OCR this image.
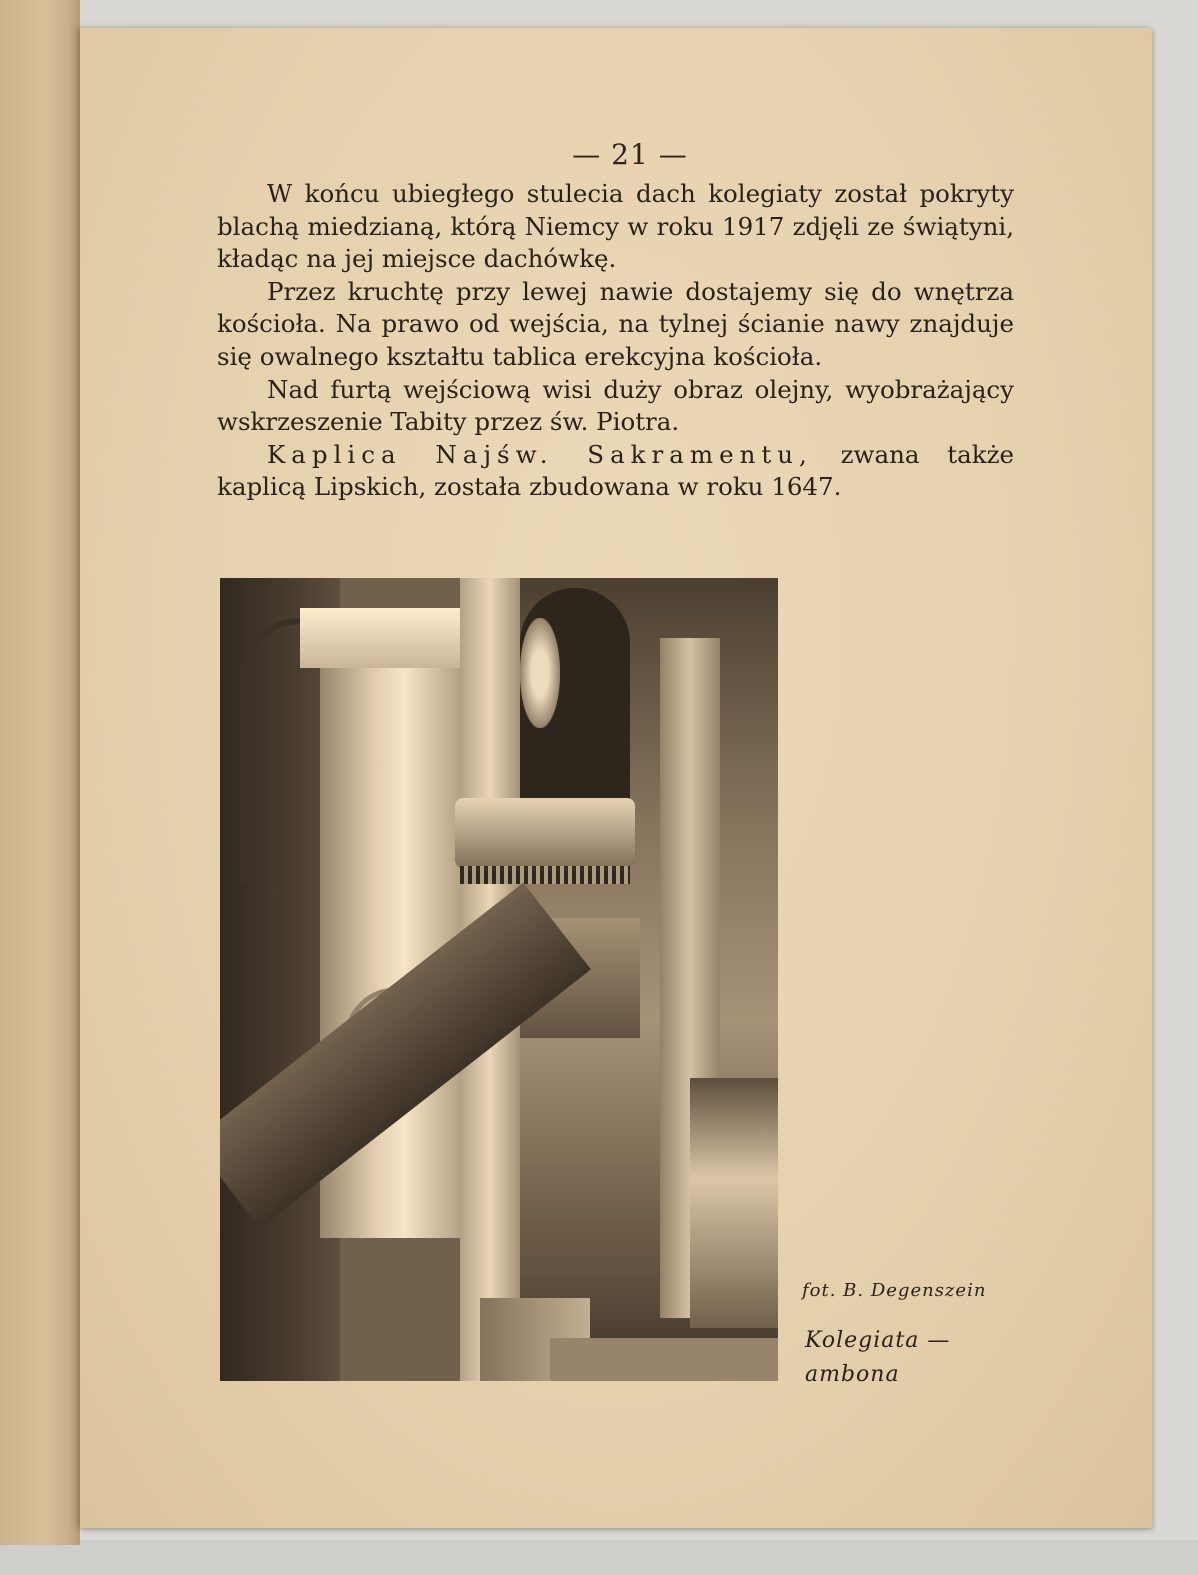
— 21 —

W końcu ubiegłego stulecia dach kolegiaty został pokryty blachą miedzianą, którą Niemcy w roku 1917 zdjęli ze świątyni, kładąc na jej miejsce dachówkę.

Przez kruchtę przy lewej nawie dostajemy się do wnętrza kościoła. Na prawo od wejścia, na tylnej ścianie nawy znajduje się owalnego kształtu tablica erekcyjna kościoła.

Nad furtą wejściową wisi duży obraz olejny, wyobrażający wskrzeszenie Tabity przez św. Piotra.

Kaplica Najśw. Sakramentu, zwana także kaplicą Lipskich, została zbudowana w roku 1647.

fot. B. Degenszein
Kolegiata —
ambona
